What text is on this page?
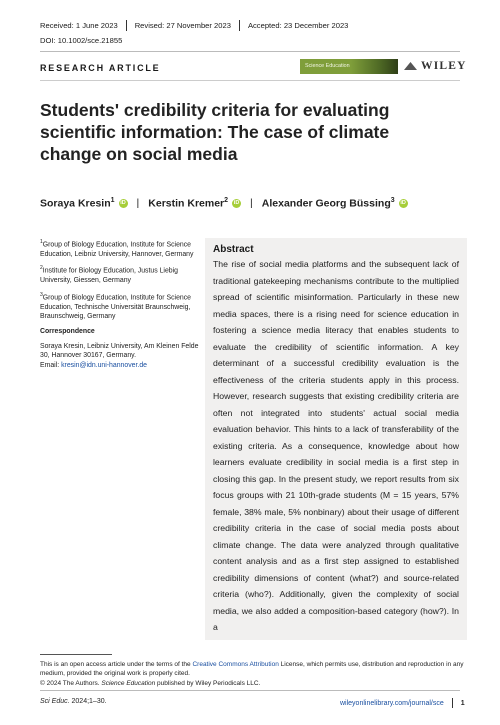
Received: 1 June 2023 Revised: 27 November 2023 Accepted: 23 December 2023
DOI: 10.1002/sce.21855
RESEARCH ARTICLE	Science Education	WILEY
Students' credibility criteria for evaluating scientific information: The case of climate change on social media
Soraya Kresin$^1$	iD | Kerstin Kremer$^2$	iD | Alexander Georg Büssing$^3$	iD

$^1$Group of Biology Education, Institute for Science Education, Leibniz University, Hannover, Germany

$^2$Institute for Biology Education, Justus Liebig University, Giessen, Germany

$^3$Group of Biology Education, Institute for Science Education, Technische Universität Braunschweig, Braunschweig, Germany

Correspondence

Soraya Kresin, Leibniz University, Am Kleinen Felde 30, Hannover 30167, Germany.
Email: kresin@idn.uni-hannover.de

Abstract
The rise of social media platforms and the subsequent lack of traditional gatekeeping mechanisms contribute to the multiplied spread of scientific misinformation. Particularly in these new media spaces, there is a rising need for science education in fostering a science media literacy that enables students to evaluate the credibility of scientific information. A key determinant of a successful credibility evaluation is the effectiveness of the criteria students apply in this process. However, research suggests that existing credibility criteria are often not integrated into students' actual social media evaluation behavior. This hints to a lack of transferability of the existing criteria. As a consequence, knowledge about how learners evaluate credibility in social media is a first step in closing this gap. In the present study, we report results from six focus groups with 21 10th-grade students (M = 15 years, 57% female, 38% male, 5% nonbinary) about their usage of different credibility criteria in the case of social media posts about climate change. The data were analyzed through qualitative content analysis and as a first step assigned to established credibility dimensions of content (what?) and source-related criteria (who?). Additionally, given the complexity of social media, we also added a composition-based category (how?). In a
This is an open access article under the terms of the Creative Commons Attribution License, which permits use, distribution and reproduction in any medium, provided the original work is properly cited.
© 2024 The Authors. Science Education published by Wiley Periodicals LLC.
Sci Educ. 2024;1–30.	wileyonlinelibrary.com/journal/sce 1
